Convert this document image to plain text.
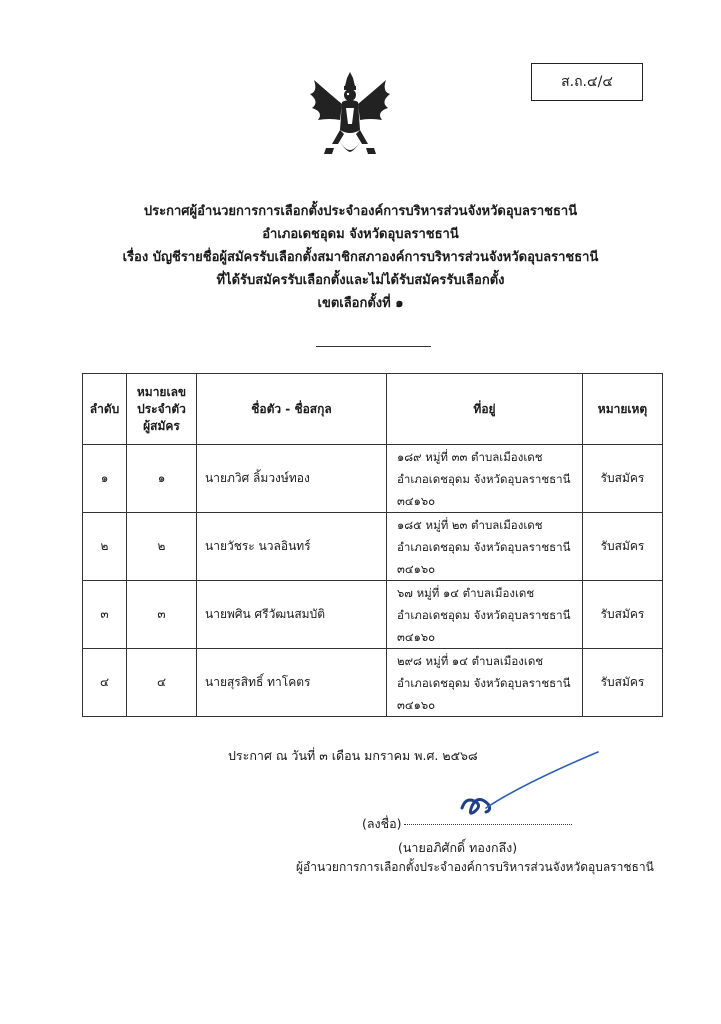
ส.ถ.๔/๔
ประกาศผู้อำนวยการการเลือกตั้งประจำองค์การบริหารส่วนจังหวัดอุบลราชธานี
อำเภอเดชอุดม จังหวัดอุบลราชธานี
เรื่อง บัญชีรายชื่อผู้สมัครรับเลือกตั้งสมาชิกสภาองค์การบริหารส่วนจังหวัดอุบลราชธานี
ที่ได้รับสมัครรับเลือกตั้งและไม่ได้รับสมัครรับเลือกตั้ง
เขตเลือกตั้งที่ ๑
ลำดับ	หมายเลข
ประจำตัว
ผู้สมัคร	ชื่อตัว - ชื่อสกุล	ที่อยู่	หมายเหตุ
๑	๑	นายภวิศ ลิ้มวงษ์ทอง	๑๘๙ หมู่ที่ ๓๓ ตำบลเมืองเดช
อำเภอเดชอุดม จังหวัดอุบลราชธานี
๓๔๑๖๐	รับสมัคร
๒	๒	นายวัชระ นวลอินทร์	๑๘๕ หมู่ที่ ๒๓ ตำบลเมืองเดช
อำเภอเดชอุดม จังหวัดอุบลราชธานี
๓๔๑๖๐	รับสมัคร
๓	๓	นายพศิน ศรีวัฒนสมบัติ	๖๗ หมู่ที่ ๑๔ ตำบลเมืองเดช
อำเภอเดชอุดม จังหวัดอุบลราชธานี
๓๔๑๖๐	รับสมัคร
๔	๔	นายสุรสิทธิ์ ทาโคตร	๒๙๘ หมู่ที่ ๑๔ ตำบลเมืองเดช
อำเภอเดชอุดม จังหวัดอุบลราชธานี
๓๔๑๖๐	รับสมัคร
ประกาศ ณ วันที่ ๓ เดือน มกราคม พ.ศ. ๒๕๖๘
(ลงชื่อ)
(นายอภิศักดิ์ ทองกลึง)
ผู้อำนวยการการเลือกตั้งประจำองค์การบริหารส่วนจังหวัดอุบลราชธานี
